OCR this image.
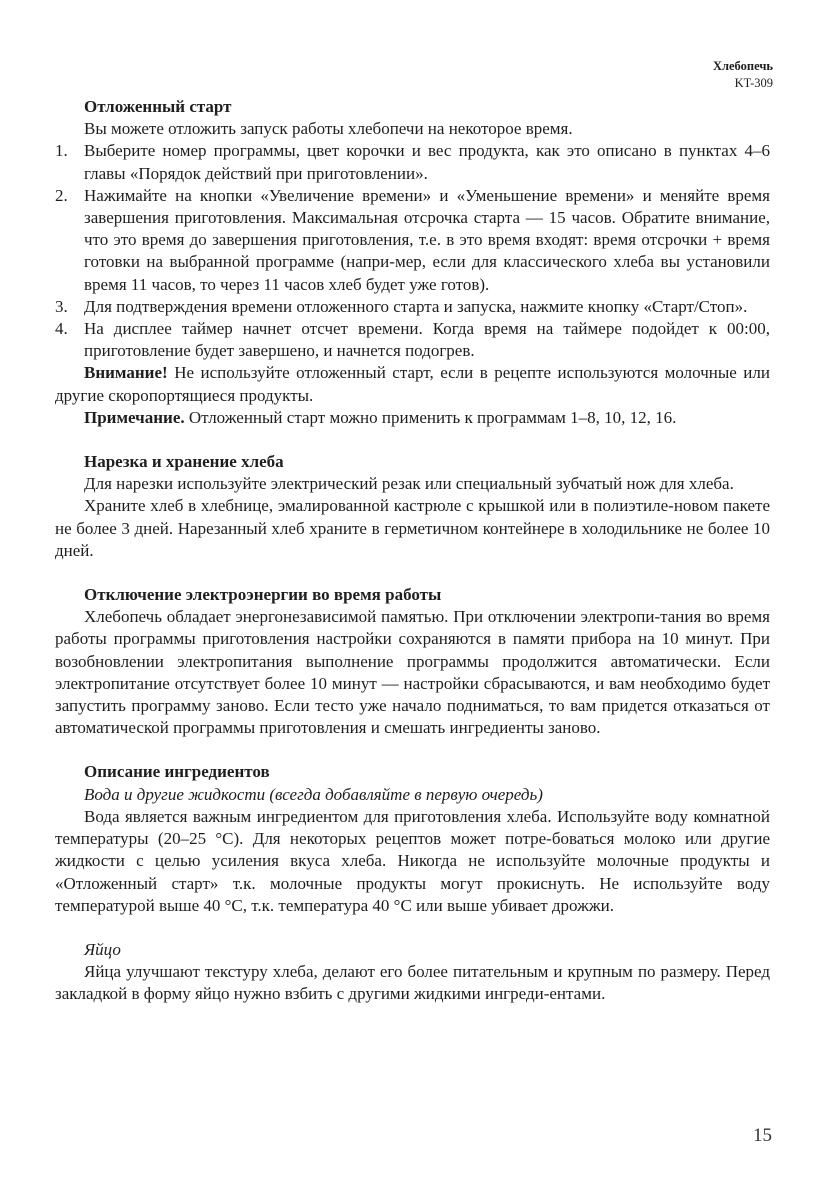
Хлебопечь
KT-309
Отложенный старт

Вы можете отложить запуск работы хлебопечи на некоторое время.

1. Выберите номер программы, цвет корочки и вес продукта, как это описано в пунктах 4–6 главы «Порядок действий при приготовлении».
2. Нажимайте на кнопки «Увеличение времени» и «Уменьшение времени» и меняйте время завершения приготовления. Максимальная отсрочка старта — 15 часов. Обратите внимание, что это время до завершения приготовления, т.е. в это время входят: время отсрочки + время готовки на выбранной программе (напри-мер, если для классического хлеба вы установили время 11 часов, то через 11 часов хлеб будет уже готов).
3. Для подтверждения времени отложенного старта и запуска, нажмите кнопку «Старт/Стоп».
4. На дисплее таймер начнет отсчет времени. Когда время на таймере подойдет к 00:00, приготовление будет завершено, и начнется подогрев.

Внимание! Не используйте отложенный старт, если в рецепте используются молочные или другие скоропортящиеся продукты.

Примечание. Отложенный старт можно применить к программам 1–8, 10, 12, 16.

Нарезка и хранение хлеба

Для нарезки используйте электрический резак или специальный зубчатый нож для хлеба.

Храните хлеб в хлебнице, эмалированной кастрюле с крышкой или в полиэтиле-новом пакете не более 3 дней. Нарезанный хлеб храните в герметичном контейнере в холодильнике не более 10 дней.

Отключение электроэнергии во время работы

Хлебопечь обладает энергонезависимой памятью. При отключении электропи-тания во время работы программы приготовления настройки сохраняются в памяти прибора на 10 минут. При возобновлении электропитания выполнение программы продолжится автоматически. Если электропитание отсутствует более 10 минут — настройки сбрасываются, и вам необходимо будет запустить программу заново. Если тесто уже начало подниматься, то вам придется отказаться от автоматической программы приготовления и смешать ингредиенты заново.

Описание ингредиентов
Вода и другие жидкости (всегда добавляйте в первую очередь)

Вода является важным ингредиентом для приготовления хлеба. Используйте воду комнатной температуры (20–25 °С). Для некоторых рецептов может потре-боваться молоко или другие жидкости с целью усиления вкуса хлеба. Никогда не используйте молочные продукты и «Отложенный старт» т.к. молочные продукты могут прокиснуть. Не используйте воду температурой выше 40 °С, т.к. температура 40 °С или выше убивает дрожжи.

Яйцо

Яйца улучшают текстуру хлеба, делают его более питательным и крупным по размеру. Перед закладкой в форму яйцо нужно взбить с другими жидкими ингреди-ентами.

15
